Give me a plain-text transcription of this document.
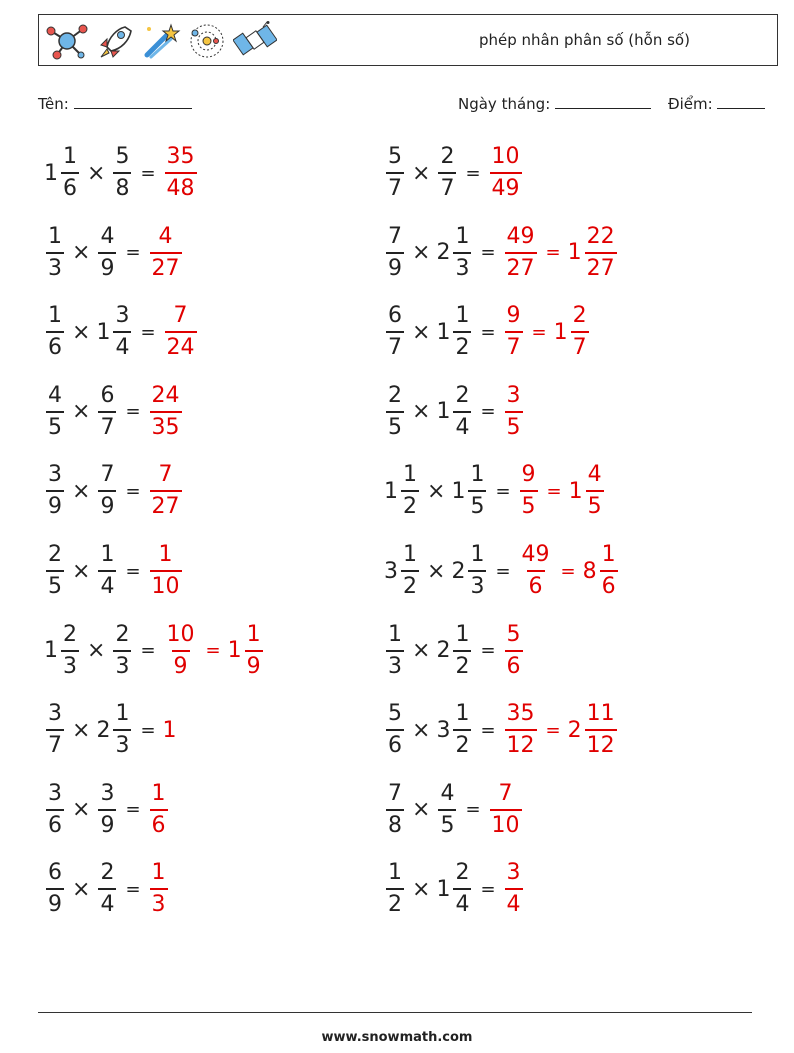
phép nhân phân số (hỗn số)
Tên:	Ngày tháng:	Điểm:
$1 \frac{1}{6} \times \frac{5}{8} = \frac{35}{48}$	$\frac{5}{7} \times \frac{2}{7} = \frac{10}{49}$
$\frac{1}{3} \times \frac{4}{9} = \frac{4}{27}$	$\frac{7}{9} \times 2 \frac{1}{3} = \frac{49}{27} = 1 \frac{22}{27}$
$\frac{1}{6} \times 1 \frac{3}{4} = \frac{7}{24}$	$\frac{6}{7} \times 1 \frac{1}{2} = \frac{9}{7} = 1 \frac{2}{7}$
$\frac{4}{5} \times \frac{6}{7} = \frac{24}{35}$	$\frac{2}{5} \times 1 \frac{2}{4} = \frac{3}{5}$
$\frac{3}{9} \times \frac{7}{9} = \frac{7}{27}$	$1 \frac{1}{2} \times 1 \frac{1}{5} = \frac{9}{5} = 1 \frac{4}{5}$
$\frac{2}{5} \times \frac{1}{4} = \frac{1}{10}$	$3 \frac{1}{2} \times 2 \frac{1}{3} = \frac{49}{6} = 8 \frac{1}{6}$
$1 \frac{2}{3} \times \frac{2}{3} = \frac{10}{9} = 1 \frac{1}{9}$	$\frac{1}{3} \times 2 \frac{1}{2} = \frac{5}{6}$
$\frac{3}{7} \times 2 \frac{1}{3} = 1$	$\frac{5}{6} \times 3 \frac{1}{2} = \frac{35}{12} = 2 \frac{11}{12}$
$\frac{3}{6} \times \frac{3}{9} = \frac{1}{6}$	$\frac{7}{8} \times \frac{4}{5} = \frac{7}{10}$
$\frac{6}{9} \times \frac{2}{4} = \frac{1}{3}$	$\frac{1}{2} \times 1 \frac{2}{4} = \frac{3}{4}$
www.snowmath.com
